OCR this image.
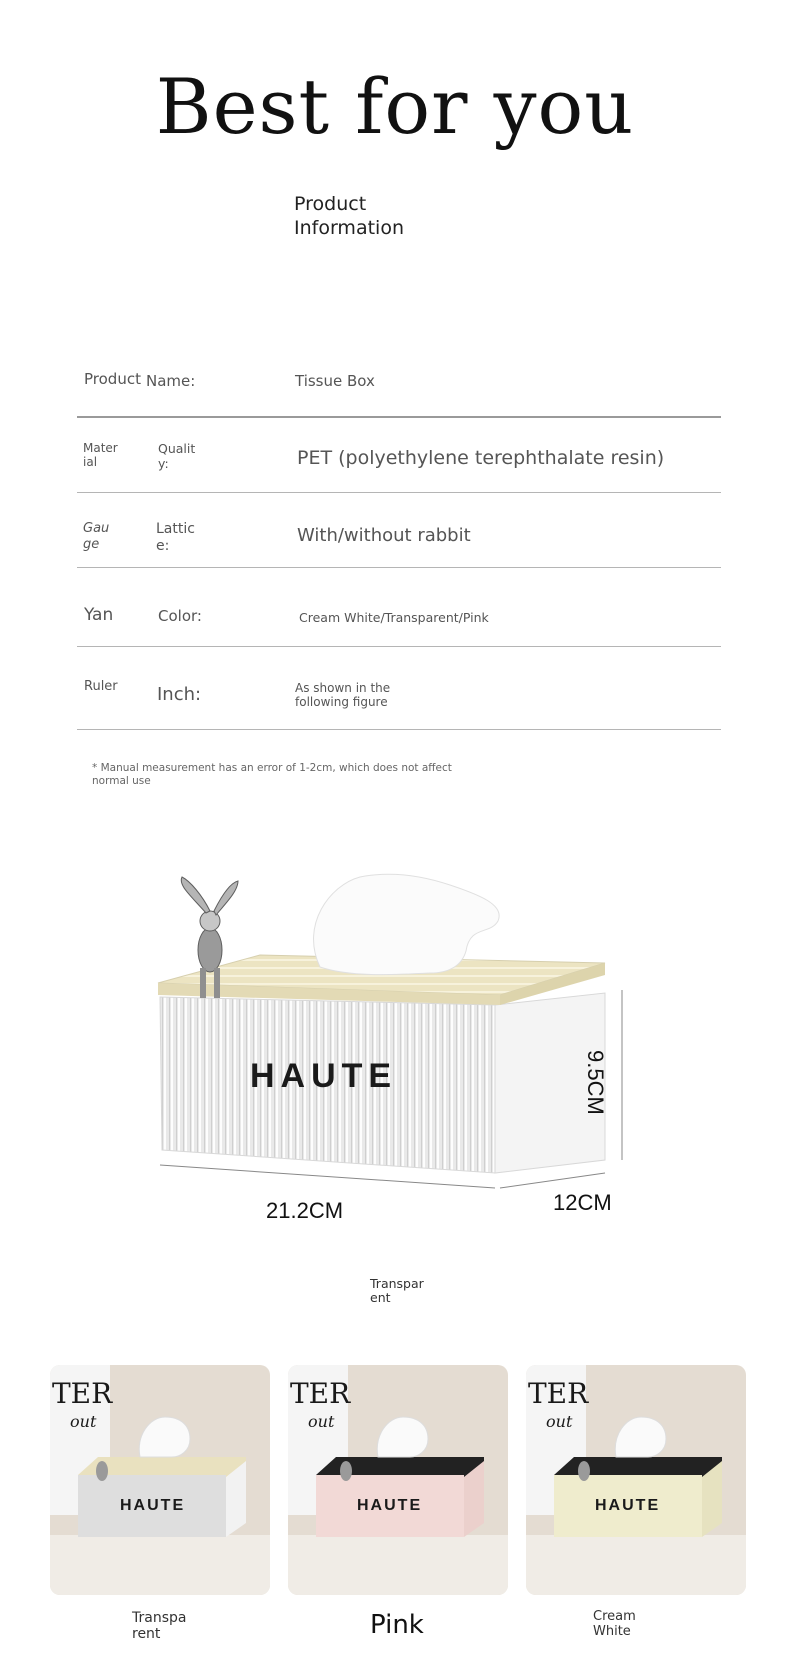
Best for you
Product Information
Product Name:	Tissue Box
Material
Quality:	PET (polyethylene terephthalate resin)
Gauge
Lattice:	With/without rabbit
Yan	Color:	Cream White/Transparent/Pink
Ruler Inch:	As shown in the following figure
* Manual measurement has an error of 1-2cm, which does not affect normal use
HAUTE
21.2CM	12CM
9.5CM
Transparent
TER
out
HAUTE
TER
out
HAUTE
TER
out
HAUTE
Transparent	Pink	Cream White
